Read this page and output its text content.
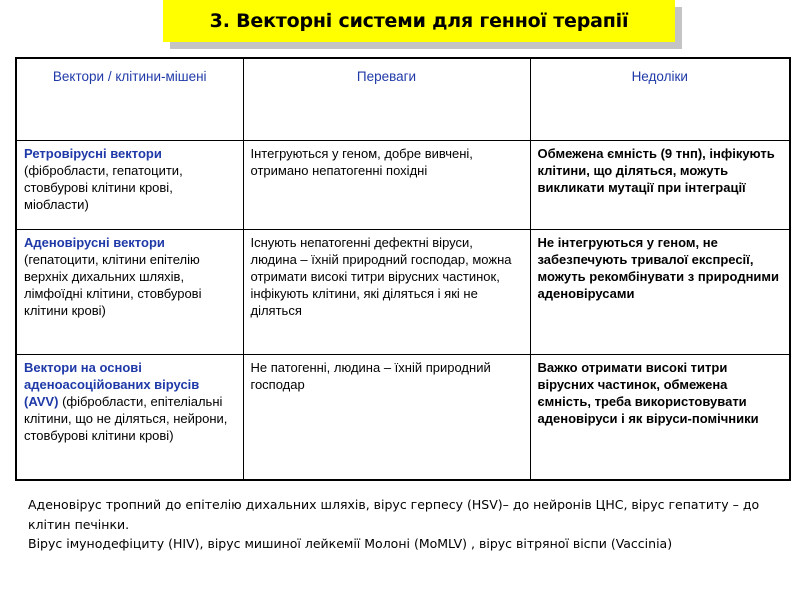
3. Векторні системи для генної терапії
Вектори / клітини-мішені	Переваги	Недоліки
Ретровірусні вектори (фібробласти, гепатоцити, стовбурові клітини крові, міобласти)	Інтегруються у геном, добре вивчені, отримано непатогенні похідні	Обмежена ємність (9 тнп), інфікують клітини, що діляться, можуть викликати мутації при інтеграції
Аденовірусні вектори (гепатоцити, клітини епітелію верхніх дихальних шляхів, лімфоїдні клітини, стовбурові клітини крові)	Існують непатогенні дефектні віруси, людина – їхній природний господар, можна отримати високі титри вірусних частинок, інфікують клітини, які діляться і які не діляться	Не інтегруються у геном, не забезпечують тривалої експресії, можуть рекомбінувати з природними аденовірусами
Вектори на основі аденоасоційованих вірусів (AVV) (фібробласти, епітеліальні клітини, що не діляться, нейрони, стовбурові клітини крові)	Не патогенні, людина – їхній природний господар	Важко отримати високі титри вірусних частинок, обмежена ємність, треба використовувати аденовіруси і як віруси-помічники

Аденовірус тропний до епітелію дихальних шляхів, вірус герпесу (HSV)– до нейронів ЦНС, вірус гепатиту – до клітин печінки.

Вірус імунодефіциту (HIV), вірус мишиної лейкемії Молоні (MoMLV) , вірус вітряної віспи (Vaccinia)
